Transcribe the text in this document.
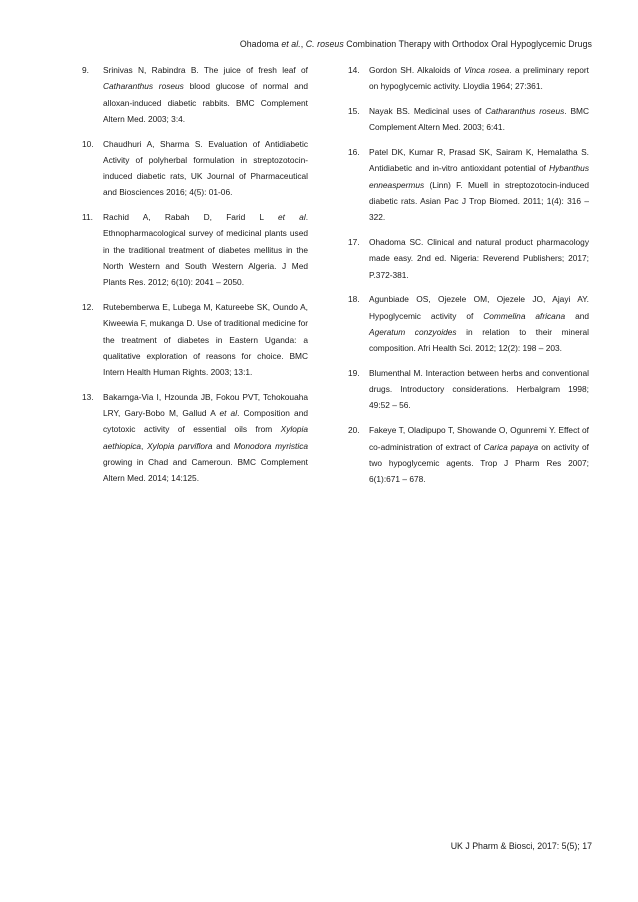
Ohadoma et al., C. roseus Combination Therapy with Orthodox Oral Hypoglycemic Drugs
9. Srinivas N, Rabindra B. The juice of fresh leaf of Catharanthus roseus blood glucose of normal and alloxan-induced diabetic rabbits. BMC Complement Altern Med. 2003; 3:4.
10. Chaudhuri A, Sharma S. Evaluation of Antidiabetic Activity of polyherbal formulation in streptozotocin-induced diabetic rats, UK Journal of Pharmaceutical and Biosciences 2016; 4(5): 01-06.
11. Rachid A, Rabah D, Farid L et al. Ethnopharmacological survey of medicinal plants used in the traditional treatment of diabetes mellitus in the North Western and South Western Algeria. J Med Plants Res. 2012; 6(10): 2041 – 2050.
12. Rutebemberwa E, Lubega M, Katureebe SK, Oundo A, Kiweewia F, mukanga D. Use of traditional medicine for the treatment of diabetes in Eastern Uganda: a qualitative exploration of reasons for choice. BMC Intern Health Human Rights. 2003; 13:1.
13. Bakarnga-Via I, Hzounda JB, Fokou PVT, Tchokouaha LRY, Gary-Bobo M, Gallud A et al. Composition and cytotoxic activity of essential oils from Xylopia aethiopica, Xylopia parviflora and Monodora myristica growing in Chad and Cameroun. BMC Complement Altern Med. 2014; 14:125.
14. Gordon SH. Alkaloids of Vinca rosea. a preliminary report on hypoglycemic activity. Lloydia 1964; 27:361.
15. Nayak BS. Medicinal uses of Catharanthus roseus. BMC Complement Altern Med. 2003; 6:41.
16. Patel DK, Kumar R, Prasad SK, Sairam K, Hemalatha S. Antidiabetic and in-vitro antioxidant potential of Hybanthus enneaspermus (Linn) F. Muell in streptozotocin-induced diabetic rats. Asian Pac J Trop Biomed. 2011; 1(4): 316 – 322.
17. Ohadoma SC. Clinical and natural product pharmacology made easy. 2nd ed. Nigeria: Reverend Publishers; 2017; P.372-381.
18. Agunbiade OS, Ojezele OM, Ojezele JO, Ajayi AY. Hypoglycemic activity of Commelina africana and Ageratum conzyoides in relation to their mineral composition. Afri Health Sci. 2012; 12(2): 198 – 203.
19. Blumenthal M. Interaction between herbs and conventional drugs. Introductory considerations. Herbalgram 1998; 49:52 – 56.
20. Fakeye T, Oladipupo T, Showande O, Ogunremi Y. Effect of co-administration of extract of Carica papaya on activity of two hypoglycemic agents. Trop J Pharm Res 2007; 6(1):671 – 678.
UK J Pharm & Biosci, 2017: 5(5); 17
